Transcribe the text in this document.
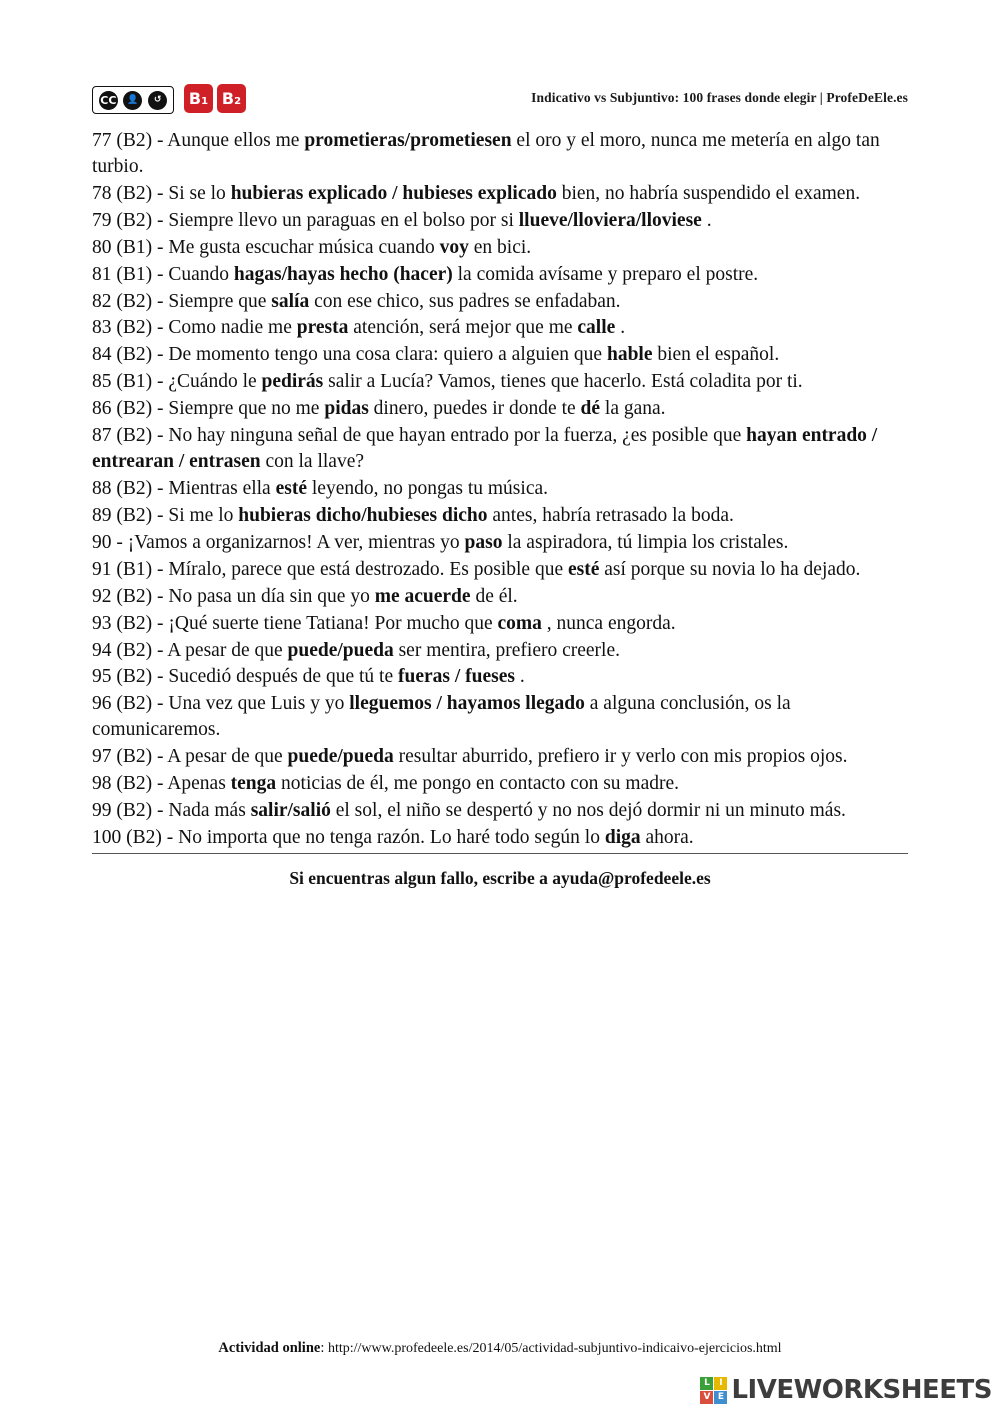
CC	👤	↺	B 1 B 2	Indicativo vs Subjuntivo: 100 frases donde elegir | ProfeDeEle.es

77 (B2) - Aunque ellos me prometieras/prometiesen el oro y el moro, nunca me metería en algo tan turbio.

78 (B2) - Si se lo hubieras explicado / hubieses explicado bien, no habría suspendido el examen.

79 (B2) - Siempre llevo un paraguas en el bolso por si llueve/lloviera/lloviese .

80 (B1) - Me gusta escuchar música cuando voy en bici.

81 (B1) - Cuando hagas/hayas hecho (hacer) la comida avísame y preparo el postre.

82 (B2) - Siempre que salía con ese chico, sus padres se enfadaban.

83 (B2) - Como nadie me presta atención, será mejor que me calle .

84 (B2) - De momento tengo una cosa clara: quiero a alguien que hable bien el español.

85 (B1) - ¿Cuándo le pedirás salir a Lucía? Vamos, tienes que hacerlo. Está coladita por ti.

86 (B2) - Siempre que no me pidas dinero, puedes ir donde te dé la gana.

87 (B2) - No hay ninguna señal de que hayan entrado por la fuerza, ¿es posible que hayan entrado / entrearan / entrasen con la llave?

88 (B2) - Mientras ella esté leyendo, no pongas tu música.

89 (B2) - Si me lo hubieras dicho/hubieses dicho antes, habría retrasado la boda.

90 - ¡Vamos a organizarnos! A ver, mientras yo paso la aspiradora, tú limpia los cristales.

91 (B1) - Míralo, parece que está destrozado. Es posible que esté así porque su novia lo ha dejado.

92 (B2) - No pasa un día sin que yo me acuerde de él.

93 (B2) - ¡Qué suerte tiene Tatiana! Por mucho que coma , nunca engorda.

94 (B2) - A pesar de que puede/pueda ser mentira, prefiero creerle.

95 (B2) - Sucedió después de que tú te fueras / fueses .

96 (B2) - Una vez que Luis y yo lleguemos / hayamos llegado a alguna conclusión, os la comunicaremos.

97 (B2) - A pesar de que puede/pueda resultar aburrido, prefiero ir y verlo con mis propios ojos.

98 (B2) - Apenas tenga noticias de él, me pongo en contacto con su madre.

99 (B2) - Nada más salir/salió el sol, el niño se despertó y no nos dejó dormir ni un minuto más.

100 (B2) - No importa que no tenga razón. Lo haré todo según lo diga ahora.

Si encuentras algun fallo, escribe a ayuda@profedeele.es
Actividad online: http://www.profedeele.es/2014/05/actividad-subjuntivo-indicaivo-ejercicios.html
L	I
V E LIVEWORKSHEETS
